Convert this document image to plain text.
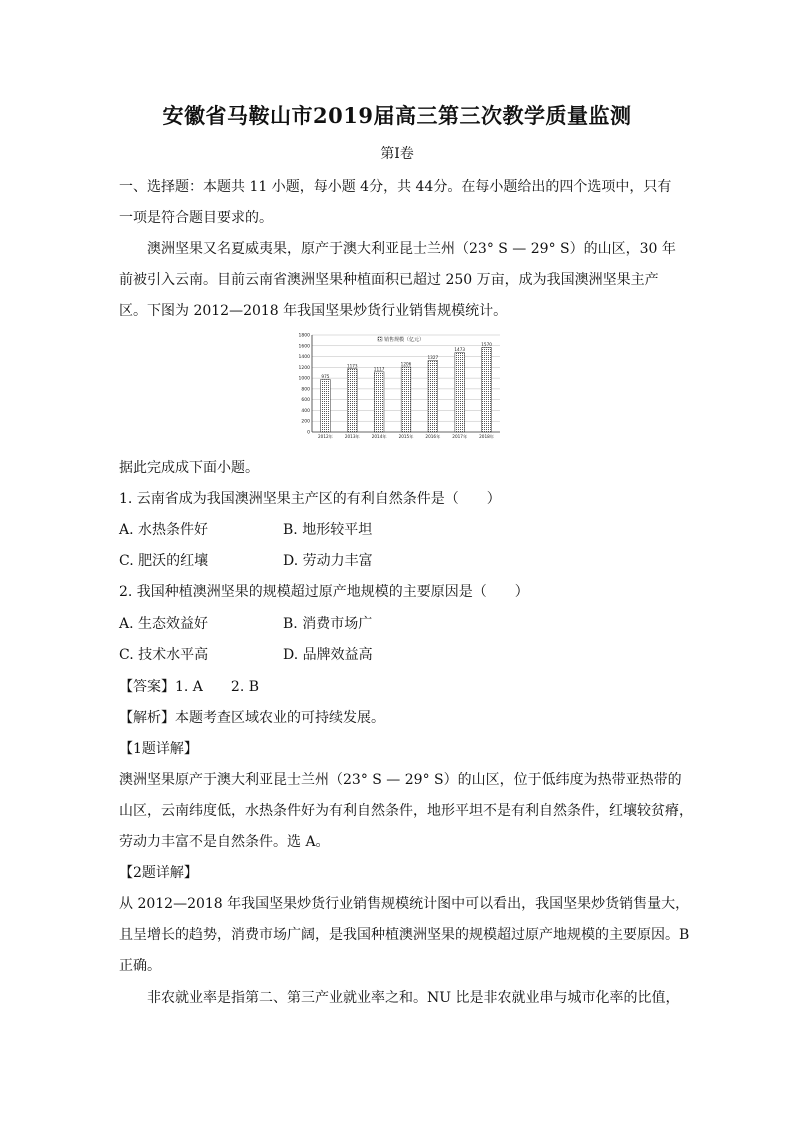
安徽省马鞍山市2019届高三第三次教学质量监测
第Ⅰ卷
一、选择题：本题共 11 小题，每小题 4分，共 44分。在每小题给出的四个选项中，只有
一项是符合题目要求的。
澳洲坚果又名夏威夷果，原产于澳大利亚昆士兰州（23° S — 29° S）的山区，30 年
前被引入云南。目前云南省澳洲坚果种植面积已超过 250 万亩，成为我国澳洲坚果主产
区。下图为 2012—2018 年我国坚果炒货行业销售规模统计。
1800
1600
1400
1200
1000
800
600
400
200
0
销售规模（亿元）
975
2012年
1173
2013年
1117
2014年
1206
2015年
1327
2016年
1473
2017年
1570
2018年
据此完成成下面小题。
1. 云南省成为我国澳洲坚果主产区的有利自然条件是（　　）
A. 水热条件好	B. 地形较平坦
C. 肥沃的红壤	D. 劳动力丰富
2. 我国种植澳洲坚果的规模超过原产地规模的主要原因是（　　）
A. 生态效益好	B. 消费市场广
C. 技术水平高	D. 品牌效益高
【答案】1. A　　2. B
【解析】本题考查区域农业的可持续发展。
【1题详解】
澳洲坚果原产于澳大利亚昆士兰州（23° S — 29° S）的山区，位于低纬度为热带亚热带的
山区，云南纬度低，水热条件好为有利自然条件，地形平坦不是有利自然条件，红壤较贫瘠，
劳动力丰富不是自然条件。选 A。
【2题详解】
从 2012—2018 年我国坚果炒货行业销售规模统计图中可以看出，我国坚果炒货销售量大，
且呈增长的趋势，消费市场广阔，是我国种植澳洲坚果的规模超过原产地规模的主要原因。B
正确。
非农就业率是指第二、第三产业就业率之和。NU 比是非农就业串与城市化率的比值，
